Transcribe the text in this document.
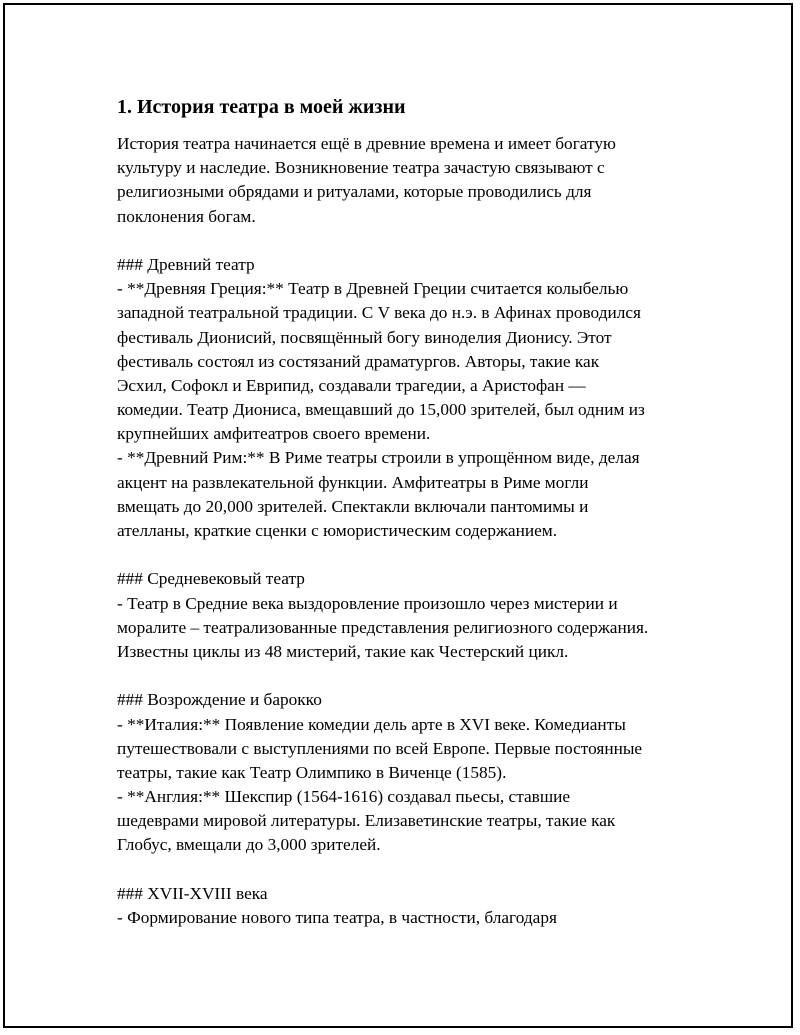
1. История театра в моей жизни
История театра начинается ещё в древние времена и имеет богатую
культуру и наследие. Возникновение театра зачастую связывают с
религиозными обрядами и ритуалами, которые проводились для
поклонения богам.
### Древний театр
- **Древняя Греция:** Театр в Древней Греции считается колыбелью
западной театральной традиции. С V века до н.э. в Афинах проводился
фестиваль Дионисий, посвящённый богу виноделия Дионису. Этот
фестиваль состоял из состязаний драматургов. Авторы, такие как
Эсхил, Софокл и Еврипид, создавали трагедии, а Аристофан —
комедии. Театр Диониса, вмещавший до 15,000 зрителей, был одним из
крупнейших амфитеатров своего времени.
- **Древний Рим:** В Риме театры строили в упрощённом виде, делая
акцент на развлекательной функции. Амфитеатры в Риме могли
вмещать до 20,000 зрителей. Спектакли включали пантомимы и
ателланы, краткие сценки с юмористическим содержанием.
### Средневековый театр
- Театр в Средние века выздоровление произошло через мистерии и
моралите – театрализованные представления религиозного содержания.
Известны циклы из 48 мистерий, такие как Честерский цикл.
### Возрождение и барокко
- **Италия:** Появление комедии дель арте в XVI веке. Комедианты
путешествовали с выступлениями по всей Европе. Первые постоянные
театры, такие как Театр Олимпико в Виченце (1585).
- **Англия:** Шекспир (1564-1616) создавал пьесы, ставшие
шедеврами мировой литературы. Елизаветинские театры, такие как
Глобус, вмещали до 3,000 зрителей.
### XVII-XVIII века
- Формирование нового типа театра, в частности, благодаря
